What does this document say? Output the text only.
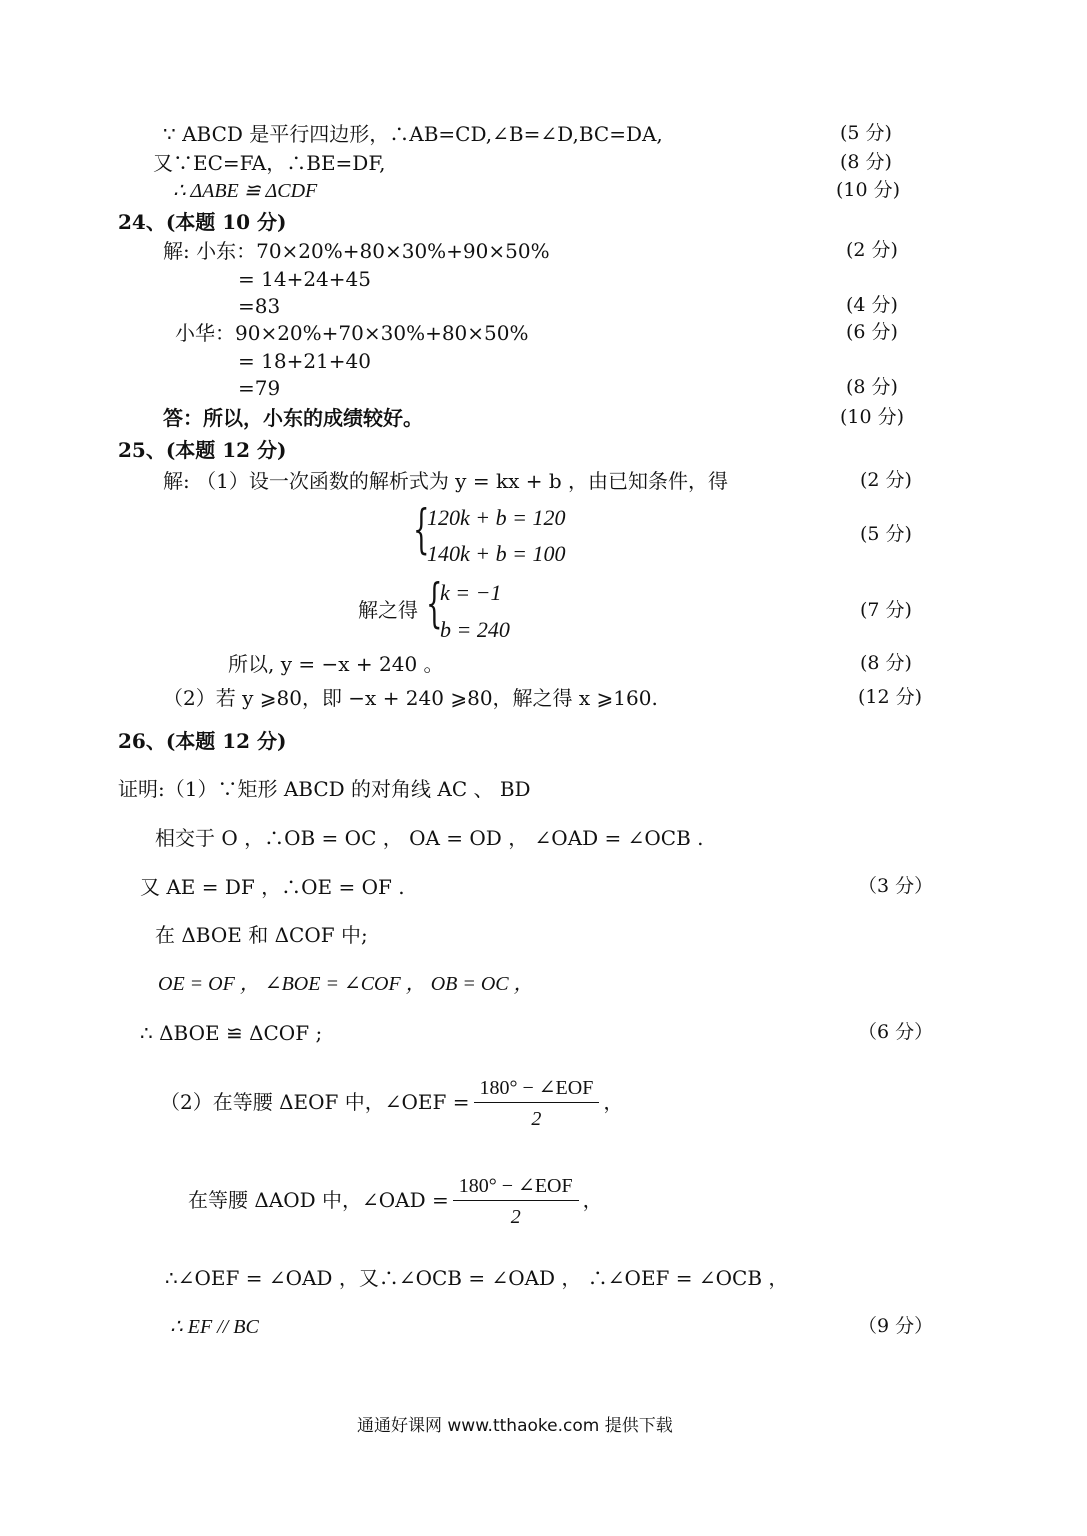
∵ ABCD 是平行四边形，∴AB=CD,∠B=∠D,BC=DA,	(5 分)
又∵EC=FA，∴BE=DF,	(8 分)
∴ ΔABE ≌ ΔCDF	(10 分)
24、(本题 10 分)
解: 小东：70×20%+80×30%+90×50%	(2 分)
= 14+24+45
=83	(4 分)
小华：90×20%+70×30%+80×50%	(6 分)
= 18+21+40
=79	(8 分)
答：所以，小东的成绩较好。	(10 分)
25、(本题 12 分)
解: （1）设一次函数的解析式为 y = kx + b ，由已知条件，得	(2 分)
{
120k + b = 120
140k + b = 100
(5 分)
解之得 {
k = −1
b = 240
(7 分)
所以, y = −x + 240 。	(8 分)
（2）若 y ⩾80，即 −x + 240 ⩾80，解之得 x ⩾160.	(12 分)
26、(本题 12 分)
证明:（1）∵矩形 ABCD 的对角线 AC 、 BD
相交于 O ，∴OB = OC ， OA = OD ， ∠OAD = ∠OCB .
又 AE = DF ，∴OE = OF .	（3 分）
在 ΔBOE 和 ΔCOF 中;
OE = OF ， ∠BOE = ∠COF ， OB = OC ，
∴ ΔBOE ≌ ΔCOF ;	（6 分）
（2）在等腰 ΔEOF 中，∠OEF = $\frac{\text{180° − ∠EOF}}{2}$ ，
在等腰 ΔAOD 中，∠OAD = $\frac{\text{180° − ∠EOF}}{2}$ ，
∴∠OEF = ∠OAD ，又∴∠OCB = ∠OAD ， ∴∠OEF = ∠OCB ，
∴ EF // BC	（9 分）
通通好课网 www.tthaoke.com 提供下载
